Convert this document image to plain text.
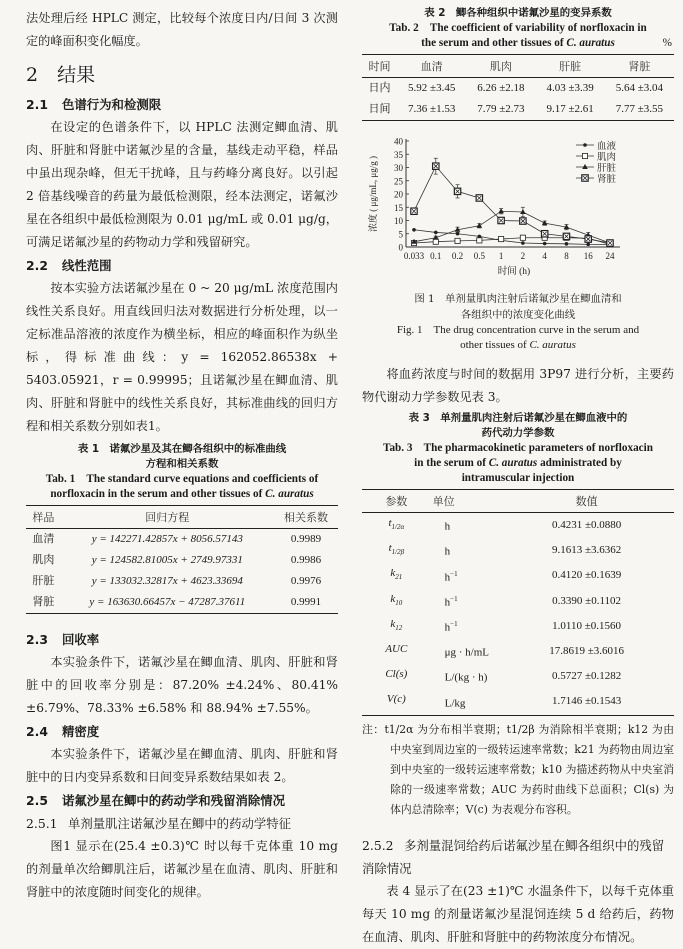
法处理后经 HPLC 测定，比较每个浓度日内/日间 3 次测定的峰面积变化幅度。

2　 结果
2.1 色谱行为和检测限

在设定的色谱条件下，以 HPLC 法测定鲫血清、肌肉、肝脏和肾脏中诺氟沙星的含量，基线走动平稳，样品中虽出现杂峰，但无干扰峰，且与药峰分离良好。以引起 2 倍基线噪音的药量为最低检测限，经本法测定，诺氟沙星在各组织中最低检测限为 0.01 μg/mL 或 0.01 μg/g，可满足诺氟沙星的药物动力学和残留研究。

2.2 线性范围

按本实验方法诺氟沙星在 0 ~ 20 μg/mL 浓度范围内线性关系良好。用直线回归法对数据进行分析处理，以一定标准品溶液的浓度作为横坐标，相应的峰面积作为纵坐标，得标准曲线：y = 162052.86538x + 5403.05921，r = 0.99995；且诺氟沙星在鲫血清、肌肉、肝脏和肾脏中的线性关系良好，其标准曲线的回归方程和相关系数分别如表1。

表 1　诺氟沙星及其在鲫各组织中的标准曲线
方程和相关系数
Tab. 1　The standard curve equations and coefficients of
norfloxacin in the serum and other tissues of C. auratus
样品	回归方程	相关系数
血清	y = 142271.42857x + 8056.57143	0.9989
肌肉	y = 124582.81005x + 2749.97331	0.9986
肝脏	y = 133032.32817x + 4623.33694	0.9976
肾脏	y = 163630.66457x − 47287.37611	0.9991
2.3 回收率

本实验条件下，诺氟沙星在鲫血清、肌肉、肝脏和肾脏中的回收率分别是：87.20% ±4.24%、80.41% ±6.79%、78.33% ±6.58% 和 88.94% ±7.55%。

2.4 精密度

本实验条件下，诺氟沙星在鲫血清、肌肉、肝脏和肾脏中的日内变异系数和日间变异系数结果如表 2。

2.5 诺氟沙星在鲫中的药动学和残留消除情况
2.5.1 单剂量肌注诺氟沙星在鲫中的药动学特征

图1 显示在(25.4 ±0.3)℃ 时以每千克体重 10 mg 的剂量单次给鲫肌注后，诺氟沙星在血清、肌肉、肝脏和肾脏中的浓度随时间变化的规律。

表 2　鲫各种组织中诺氟沙星的变异系数
Tab. 2　The coefficient of variability of norfloxacin in
the serum and other tissues of C. auratus	%
时间	血清	肌肉	肝脏	肾脏
日内	5.92 ±3.45	6.26 ±2.18	4.03 ±3.39	5.64 ±3.04
日间	7.36 ±1.53	7.79 ±2.73	9.17 ±2.61	7.77 ±3.55
0
5
10
15
20
25
30
35
40
0.033 0.1 0.2 0.5 1 2 4 8 16 24
时间 (h)
浓度 ( μg/mL, μg/g )
血液
肌肉
肝脏
肾脏
图 1　单剂量肌肉注射后诺氟沙星在鲫血清和
各组织中的浓度变化曲线
Fig. 1　The drug concentration curve in the serum and
other tissues of C. auratus

将血药浓度与时间的数据用 3P97 进行分析，主要药物代谢动力学参数见表 3。

表 3　单剂量肌肉注射后诺氟沙星在鲫血液中的
药代动力学参数
Tab. 3　The pharmacokinetic parameters of norfloxacin
in the serum of C. auratus administrated by
intramuscular injection
参数	单位	数值
$t_{1/2\alpha}$	h	0.4231 ±0.0880
$t_{1/2\beta}$	h	9.1613 ±3.6362
$k_{21}$	$h^{-1}$	0.4120 ±0.1639
$k_{10}$	$h^{-1}$	0.3390 ±0.1102
$k_{12}$	$h^{-1}$	1.0110 ±0.1560
AUC	μg · h/mL	17.8619 ±3.6016
Cl(s)	L/(kg · h)	0.5727 ±0.1282
V(c)	L/kg	1.7146 ±0.1543

注：t1/2α 为分布相半衰期；t1/2β 为消除相半衰期；k12 为由中央室到周边室的一级转运速率常数；k21 为药物由周边室到中央室的一级转运速率常数；k10 为描述药物从中央室消除的一级速率常数；AUC 为药时曲线下总面积；Cl(s) 为体内总清除率；V(c) 为表观分布容积。

2.5.2 多剂量混饲给药后诺氟沙星在鲫各组织中的残留消除情况

表 4 显示了在(23 ±1)℃ 水温条件下，以每千克体重每天 10 mg 的剂量诺氟沙星混饲连续 5 d 给药后，药物在血清、肌肉、肝脏和肾脏中的药物浓度分布情况。
